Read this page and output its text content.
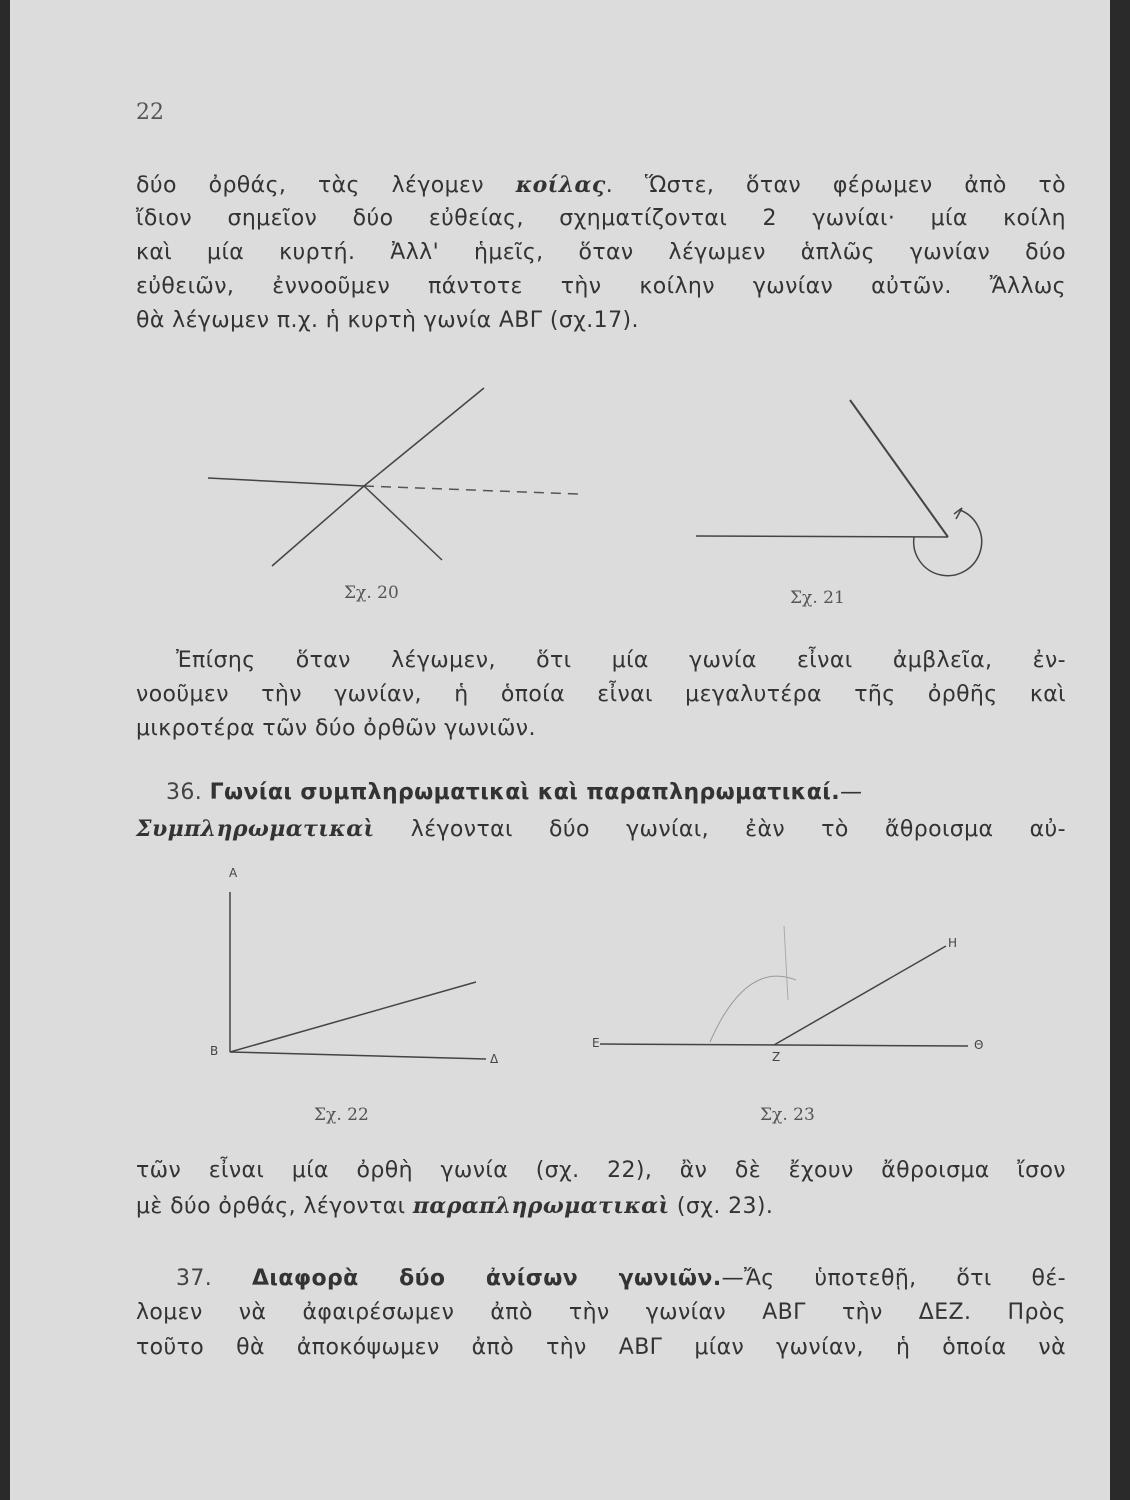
22
δύο ὀρθάς, τὰς λέγομεν κοίλας. Ὥστε, ὅταν φέρωμεν ἀπὸ τὸ
ἴδιον σημεῖον δύο εὐθείας, σχηματίζονται 2 γωνίαι· μία κοίλη
καὶ μία κυρτή. Ἀλλ' ἡμεῖς, ὅταν λέγωμεν ἁπλῶς γωνίαν δύο
εὐθειῶν, ἐννοοῦμεν πάντοτε τὴν κοίλην γωνίαν αὐτῶν. Ἄλλως
θὰ λέγωμεν π.χ. ἡ κυρτὴ γωνία ΑΒΓ (σχ.17).
Σχ. 20	Σχ. 21
Ἐπίσης ὅταν λέγωμεν, ὅτι μία γωνία εἶναι ἀμβλεῖα, ἐν-
νοοῦμεν τὴν γωνίαν, ἡ ὁποία εἶναι μεγαλυτέρα τῆς ὀρθῆς καὶ
μικροτέρα τῶν δύο ὀρθῶν γωνιῶν.
36. Γωνίαι συμπληρωματικαὶ καὶ παραπληρωματικαί.—
Συμπληρωματικαὶ λέγονται δύο γωνίαι, ἐὰν τὸ ἄθροισμα αὐ-
A
B
Δ
Σχ. 22
E
Z
H
Θ
Σχ. 23
τῶν εἶναι μία ὀρθὴ γωνία (σχ. 22), ἂν δὲ ἔχουν ἄθροισμα ἴσον
μὲ δύο ὀρθάς, λέγονται παραπληρωματικαὶ (σχ. 23).
37. Διαφορὰ δύο ἀνίσων γωνιῶν.—Ἄς ὑποτεθῇ, ὅτι θέ-
λομεν νὰ ἀφαιρέσωμεν ἀπὸ τὴν γωνίαν ΑΒΓ τὴν ΔΕΖ. Πρὸς
τοῦτο θὰ ἀποκόψωμεν ἀπὸ τὴν ΑΒΓ μίαν γωνίαν, ἡ ὁποία νὰ
